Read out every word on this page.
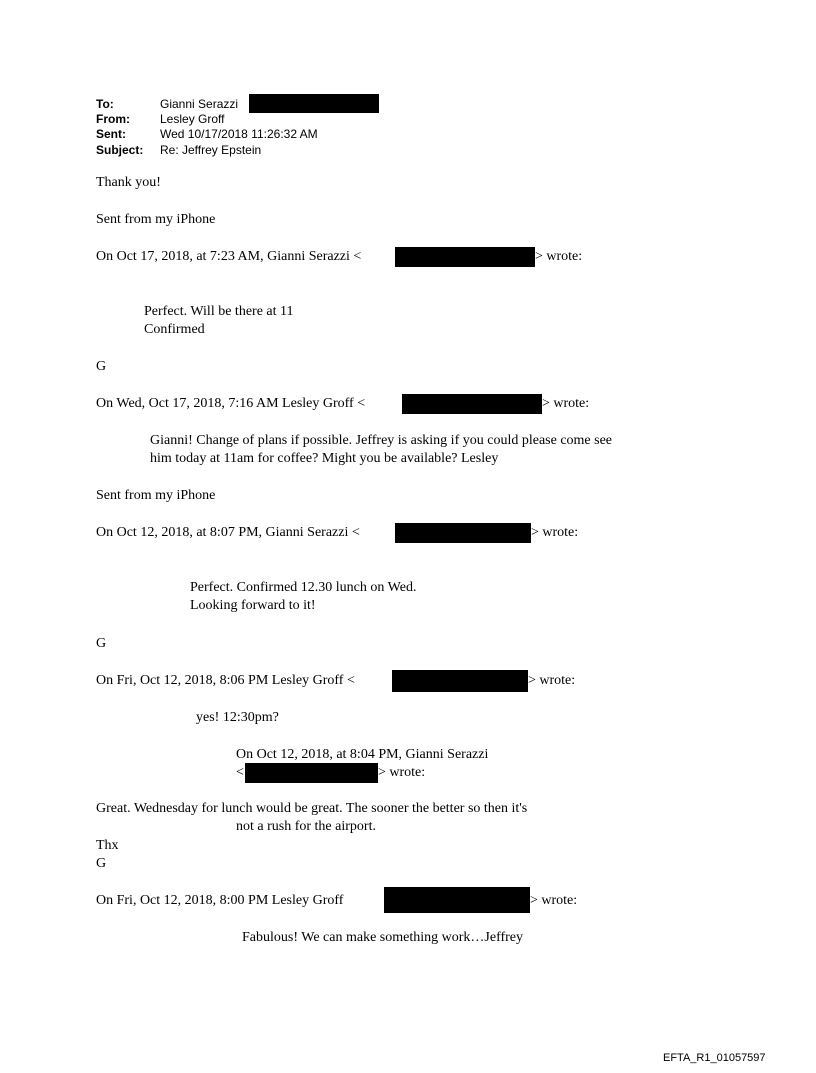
To:	Gianni Serazzi
From:	Lesley Groff
Sent:	Wed 10/17/2018 11:26:32 AM
Subject: Re: Jeffrey Epstein
Thank you!
Sent from my iPhone
On Oct 17, 2018, at 7:23 AM, Gianni Serazzi <	> wrote:
Perfect. Will be there at 11
Confirmed
G
On Wed, Oct 17, 2018, 7:16 AM Lesley Groff <	> wrote:
Gianni! Change of plans if possible. Jeffrey is asking if you could please come see
him today at 11am for coffee? Might you be available? Lesley
Sent from my iPhone
On Oct 12, 2018, at 8:07 PM, Gianni Serazzi <	> wrote:
Perfect. Confirmed 12.30 lunch on Wed.
Looking forward to it!
G
On Fri, Oct 12, 2018, 8:06 PM Lesley Groff <	> wrote:
yes! 12:30pm?
On Oct 12, 2018, at 8:04 PM, Gianni Serazzi
<	> wrote:
Great. Wednesday for lunch would be great. The sooner the better so then it's
not a rush for the airport.
Thx
G
On Fri, Oct 12, 2018, 8:00 PM Lesley Groff	> wrote:
Fabulous! We can make something work…Jeffrey
EFTA_R1_01057597
